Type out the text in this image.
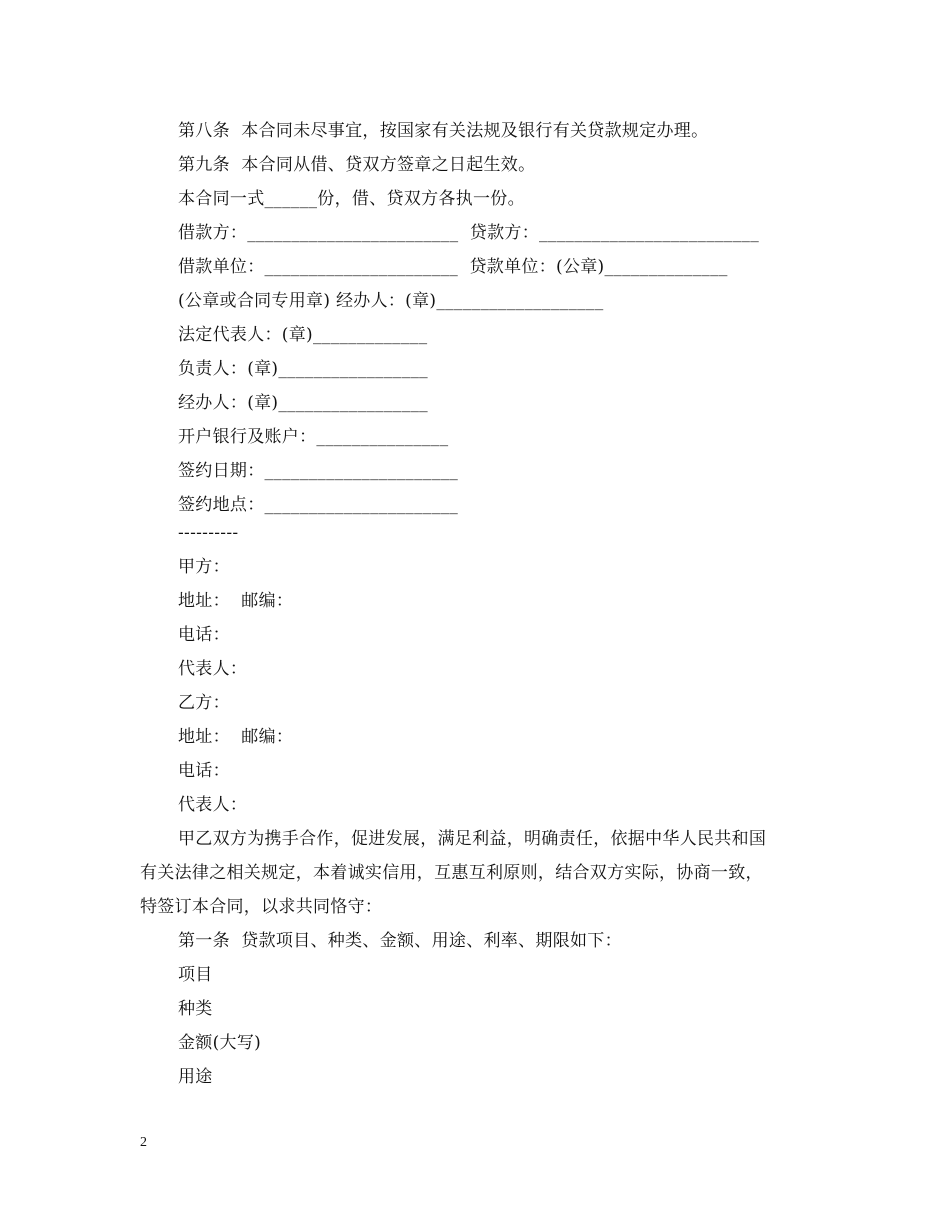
第八条  本合同未尽事宜，按国家有关法规及银行有关贷款规定办理。
第九条  本合同从借、贷双方签章之日起生效。
本合同一式______份，借、贷双方各执一份。
借款方：________________________  贷款方：_________________________
借款单位：______________________  贷款单位：(公章)______________
(公章或合同专用章) 经办人：(章)___________________
法定代表人：(章)_____________
负责人：(章)_________________
经办人：(章)_________________
开户银行及账户：_______________
签约日期：______________________
签约地点：______________________
----------
甲方：
地址：  邮编：
电话：
代表人：
乙方：
地址：  邮编：
电话：
代表人：
甲乙双方为携手合作，促进发展，满足利益，明确责任，依据中华人民共和国
有关法律之相关规定，本着诚实信用，互惠互利原则，结合双方实际，协商一致，
特签订本合同，以求共同恪守：
第一条  贷款项目、种类、金额、用途、利率、期限如下：
项目
种类
金额(大写)
用途
2
